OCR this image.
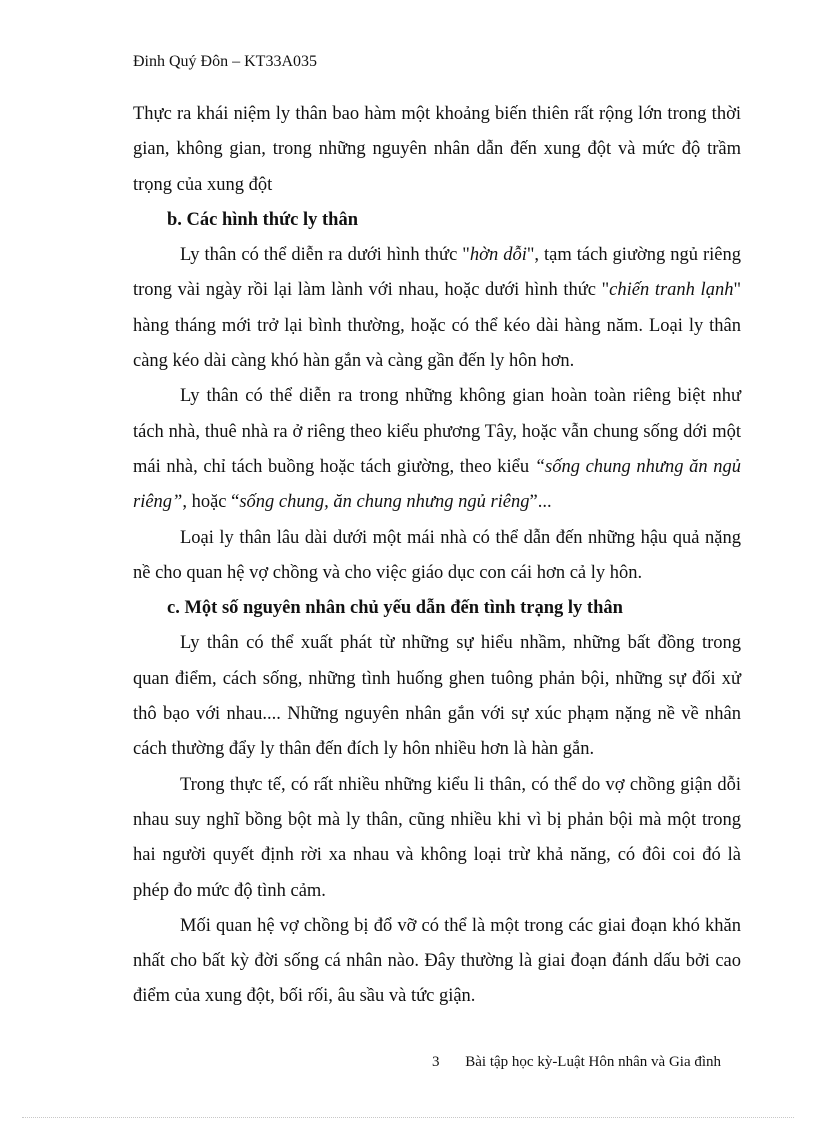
Đinh Quý Đôn – KT33A035

Thực ra khái niệm ly thân bao hàm một khoảng biến thiên rất rộng lớn trong thời gian, không gian, trong những nguyên nhân dẫn đến xung đột và mức độ trầm trọng của xung đột

b. Các hình thức ly thân

Ly thân có thể diễn ra dưới hình thức "hờn dỗi", tạm tách giường ngủ riêng trong vài ngày rồi lại làm lành với nhau, hoặc dưới hình thức "chiến tranh lạnh" hàng tháng mới trở lại bình thường, hoặc có thể kéo dài hàng năm. Loại ly thân càng kéo dài càng khó hàn gắn và càng gần đến ly hôn hơn.

Ly thân có thể diễn ra trong những không gian hoàn toàn riêng biệt như tách nhà, thuê nhà ra ở riêng theo kiểu phương Tây, hoặc vẫn chung sống dới một mái nhà, chỉ tách buồng hoặc tách giường, theo kiểu “sống chung nhưng ăn ngủ riêng”, hoặc “sống chung, ăn chung nhưng ngủ riêng”...

Loại ly thân lâu dài dưới một mái nhà có thể dẫn đến những hậu quả nặng nề cho quan hệ vợ chồng và cho việc giáo dục con cái hơn cả ly hôn.

c. Một số nguyên nhân chủ yếu dẫn đến tình trạng ly thân

Ly thân có thể xuất phát từ những sự hiểu nhầm, những bất đồng trong quan điểm, cách sống, những tình huống ghen tuông phản bội, những sự đối xử thô bạo với nhau.... Những nguyên nhân gắn với sự xúc phạm nặng nề về nhân cách thường đẩy ly thân đến đích ly hôn nhiều hơn là hàn gắn.

Trong thực tế, có rất nhiều những kiểu li thân, có thể do vợ chồng giận dỗi nhau suy nghĩ bồng bột mà ly thân, cũng nhiều khi vì bị phản bội mà một trong hai người quyết định rời xa nhau và không loại trừ khả năng, có đôi coi đó là phép đo mức độ tình cảm.

Mối quan hệ vợ chồng bị đổ vỡ có thể là một trong các giai đoạn khó khăn nhất cho bất kỳ đời sống cá nhân nào. Đây thường là giai đoạn đánh dấu bởi cao điểm của xung đột, bối rối, âu sầu và tức giận.

3 Bài tập học kỳ-Luật Hôn nhân và Gia đình
